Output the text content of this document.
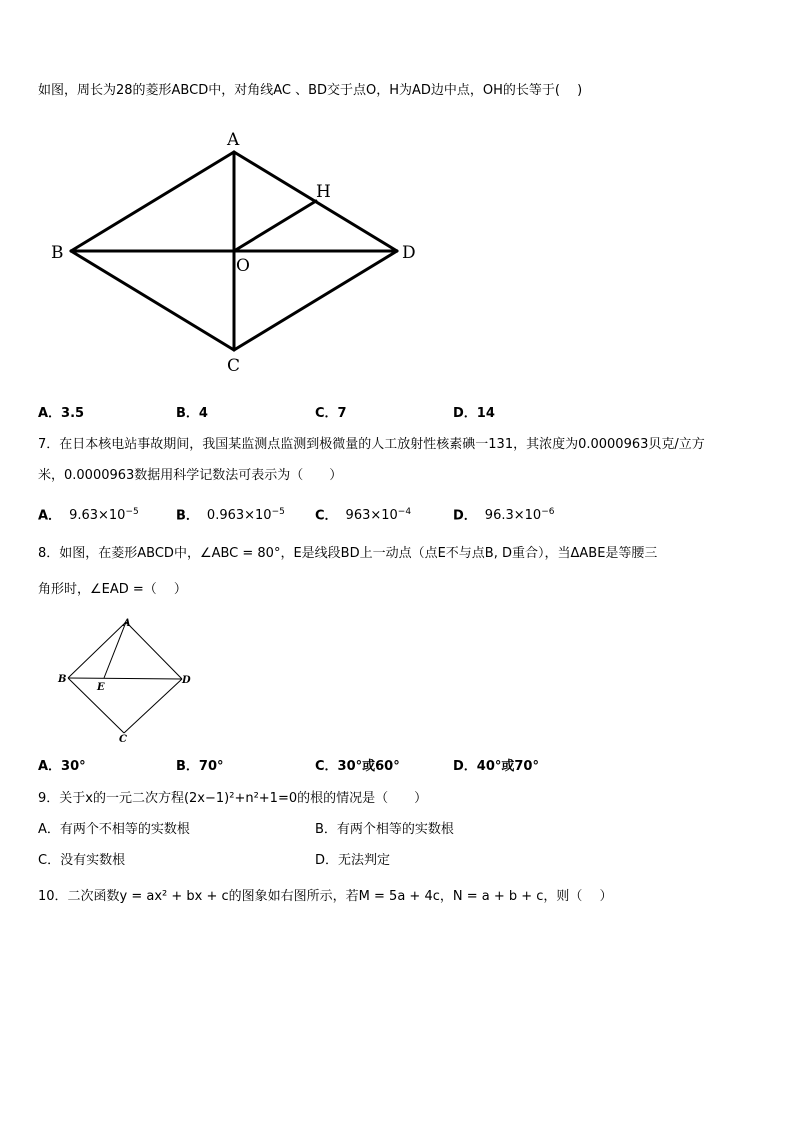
如图，周长为28的菱形ABCD中，对角线AC 、BD交于点O，H为AD边中点，OH的长等于(　 )
A
B
C
D
H
O
A．3.5	B．4	C．7	D．14
7．在日本核电站事故期间，我国某监测点监测到极微量的人工放射性核素碘一131，其浓度为0.0000963贝克/立方
米，0.0000963数据用科学记数法可表示为（　　）
A． $9.63\times 10^{-5}$	B． $0.963\times 10^{-5}$ C． $963\times 10^{-4}$	D． $96.3\times 10^{-6}$
8．如图，在菱形ABCD中，∠ABC = 80°，E是线段BD上一动点（点E不与点B, D重合），当ΔABE是等腰三
角形时，∠EAD =（　 ）
A
B
C
D
E
A．30°	B．70°	C．30°或60°	D．40°或70°
9．关于x的一元二次方程(2x−1)²+n²+1=0的根的情况是（　　）
A．有两个不相等的实数根	B．有两个相等的实数根
C．没有实数根	D．无法判定
10．二次函数y = ax² + bx + c的图象如右图所示，若M = 5a + 4c，N = a + b + c，则（　 ）
